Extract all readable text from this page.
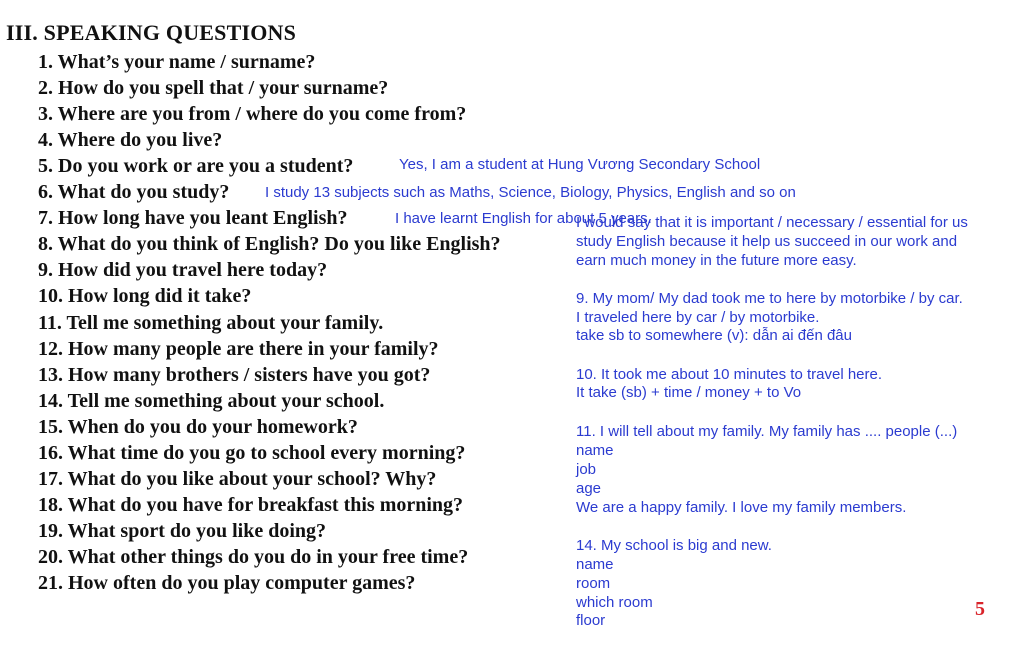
III. SPEAKING QUESTIONS
1. What’s your name / surname?
2. How do you spell that / your surname?
3. Where are you from / where do you come from?
4. Where do you live?
5. Do you work or are you a student?
6. What do you study?
7. How long have you leant English?
8. What do you think of English? Do you like English?
9. How did you travel here today?
10. How long did it take?
11. Tell me something about your family.
12. How many people are there in your family?
13. How many brothers / sisters have you got?
14. Tell me something about your school.
15. When do you do your homework?
16. What time do you go to school every morning?
17. What do you like about your school? Why?
18. What do you have for breakfast this morning?
19. What sport do you like doing?
20. What other things do you do in your free time?
21. How often do you play computer games?
Yes, I am a student at Hung Vương Secondary School
I study 13 subjects such as Maths, Science, Biology, Physics, English and so on
I have learnt English for about 5 years.
I would say that it is important / necessary / essential for us
study English because it help us succeed in our work and
earn much money in the future more easy.
9. My mom/ My dad took me to here by motorbike / by car.
I traveled here by car / by motorbike.
take sb to somewhere (v): dẫn ai đến đâu
10. It took me about 10 minutes to travel here.
It take (sb) + time / money + to Vo
11. I will tell about my family. My family has .... people (...)
name
job
age
We are a happy family. I love my family members.
14. My school is big and new.
name
room
which room
floor
5
